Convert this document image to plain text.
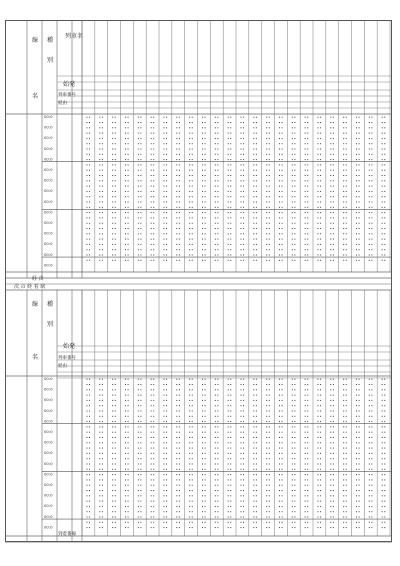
線
名
種
別
列車名
始発
列車番号
経由
経 由
次 の 終 着 駅
線
名
種
別
始発
列車番号
経由
到着番線
00:0
00:0
00:0
00:0
00:0
00:0
00:0
00:0
00:0
00:0
00:0
00:0
00:0
00:0
00:0
00:0
00:0
00:0
00:0
00:0
00:0
00:0
00:0
00:0
00:0
00:0
00:0
00:0
00:0
00:0
